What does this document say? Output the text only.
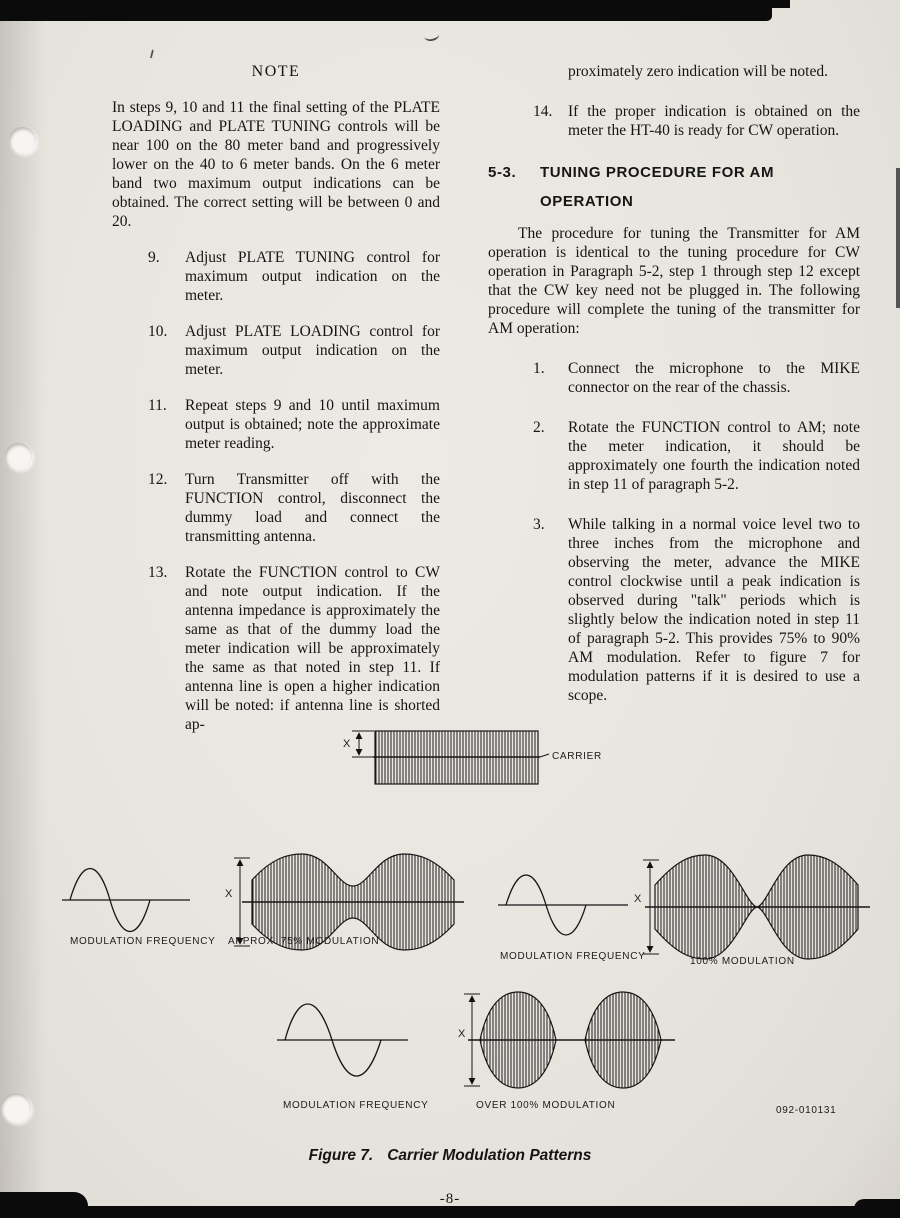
NOTE

In steps 9, 10 and 11 the final setting of the PLATE LOADING and PLATE TUNING controls will be near 100 on the 80 meter band and progressively lower on the 40 to 6 meter bands. On the 6 meter band two maximum output indications can be obtained. The correct setting will be between 0 and 20.

9.	Adjust PLATE TUNING control for maximum output indication on the meter.
10.	Adjust PLATE LOADING control for maximum output indication on the meter.
11.	Repeat steps 9 and 10 until maximum output is obtained; note the approximate meter reading.
12.	Turn Transmitter off with the FUNCTION control, disconnect the dummy load and connect the transmitting antenna.
13.	Rotate the FUNCTION control to CW and note output indication. If the antenna impedance is approximately the same as that of the dummy load the meter indication will be approximately the same as that noted in step 11. If antenna line is open a higher indication will be noted: if antenna line is shorted ap-

proximately zero indication will be noted.

14.	If the proper indication is obtained on the meter the HT-40 is ready for CW operation.
5-3.	TUNING PROCEDURE FOR AM
OPERATION

The procedure for tuning the Transmitter for AM operation is identical to the tuning procedure for CW operation in Paragraph 5-2, step 1 through step 12 except that the CW key need not be plugged in. The following procedure will complete the tuning of the transmitter for AM operation:

1.	Connect the microphone to the MIKE connector on the rear of the chassis.
2.	Rotate the FUNCTION control to AM; note the meter indication, it should be approximately one fourth the indication noted in step 11 of paragraph 5-2.
3.	While talking in a normal voice level two to three inches from the microphone and observing the meter, advance the MIKE control clockwise until a peak indication is observed during "talk" periods which is slightly below the indication noted in step 11 of paragraph 5-2. This provides 75% to 90% AM modulation. Refer to figure 7 for modulation patterns if it is desired to use a scope.
X
CARRIER
X	X
X
MODULATION FREQUENCY APPROX. 75% MODULATION
MODULATION FREQUENCY	100% MODULATION
MODULATION FREQUENCY	OVER 100% MODULATION	092-010131
Figure 7. Carrier Modulation Patterns
-8-
